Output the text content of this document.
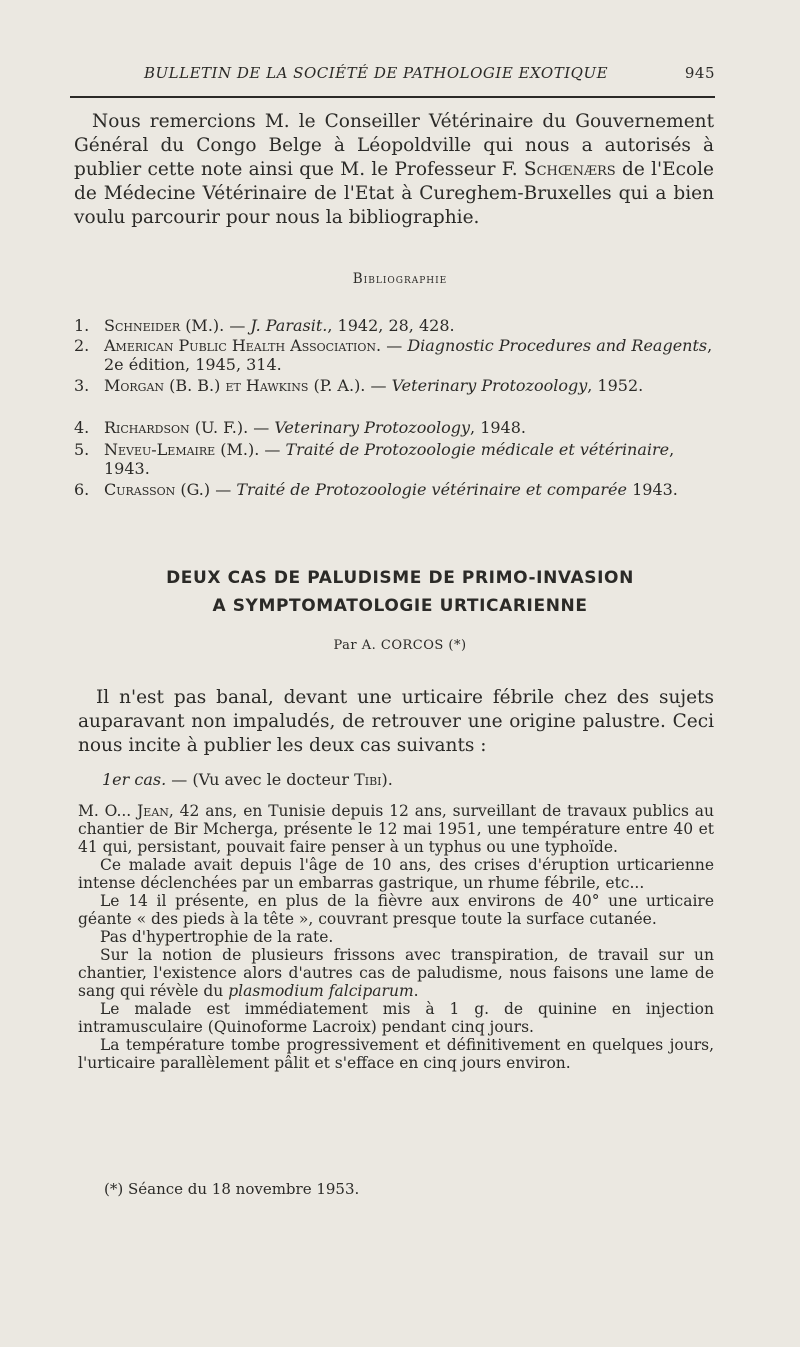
BULLETIN DE LA SOCIÉTÉ DE PATHOLOGIE EXOTIQUE	945
Nous remercions M. le Conseiller Vétérinaire du Gouvernement Général du Congo Belge à Léopoldville qui nous a autorisés à publier cette note ainsi que M. le Professeur F. Schœnærs de l'Ecole de Médecine Vétérinaire de l'Etat à Cureghem-Bruxelles qui a bien voulu parcourir pour nous la bibliographie.
Bibliographie
1. Schneider (M.). — J. Parasit., 1942, 28, 428.
2. American Public Health Association. — Diagnostic Procedures and Reagents, 2e édition, 1945, 314.
3. Morgan (B. B.) et Hawkins (P. A.). — Veterinary Protozoology, 1952.
4. Richardson (U. F.). — Veterinary Protozoology, 1948.
5. Neveu-Lemaire (M.). — Traité de Protozoologie médicale et vétérinaire, 1943.
6. Curasson (G.) — Traité de Protozoologie vétérinaire et comparée 1943.
DEUX CAS DE PALUDISME DE PRIMO-INVASION
A SYMPTOMATOLOGIE URTICARIENNE
Par A. CORCOS (*)
Il n'est pas banal, devant une urticaire fébrile chez des sujets auparavant non impaludés, de retrouver une origine palustre. Ceci nous incite à publier les deux cas suivants :
1er cas. — (Vu avec le docteur Tibi).

M. O... Jean, 42 ans, en Tunisie depuis 12 ans, surveillant de travaux publics au chantier de Bir Mcherga, présente le 12 mai 1951, une température entre 40 et 41 qui, persistant, pouvait faire penser à un typhus ou une typhoïde.

Ce malade avait depuis l'âge de 10 ans, des crises d'éruption urticarienne intense déclenchées par un embarras gastrique, un rhume fébrile, etc...

Le 14 il présente, en plus de la fièvre aux environs de 40° une urticaire géante « des pieds à la tête », couvrant presque toute la surface cutanée.

Pas d'hypertrophie de la rate.

Sur la notion de plusieurs frissons avec transpiration, de travail sur un chantier, l'existence alors d'autres cas de paludisme, nous faisons une lame de sang qui révèle du plasmodium falciparum.

Le malade est immédiatement mis à 1 g. de quinine en injection intramusculaire (Quinoforme Lacroix) pendant cinq jours.

La température tombe progressivement et définitivement en quelques jours, l'urticaire parallèlement pâlit et s'efface en cinq jours environ.

(*) Séance du 18 novembre 1953.
